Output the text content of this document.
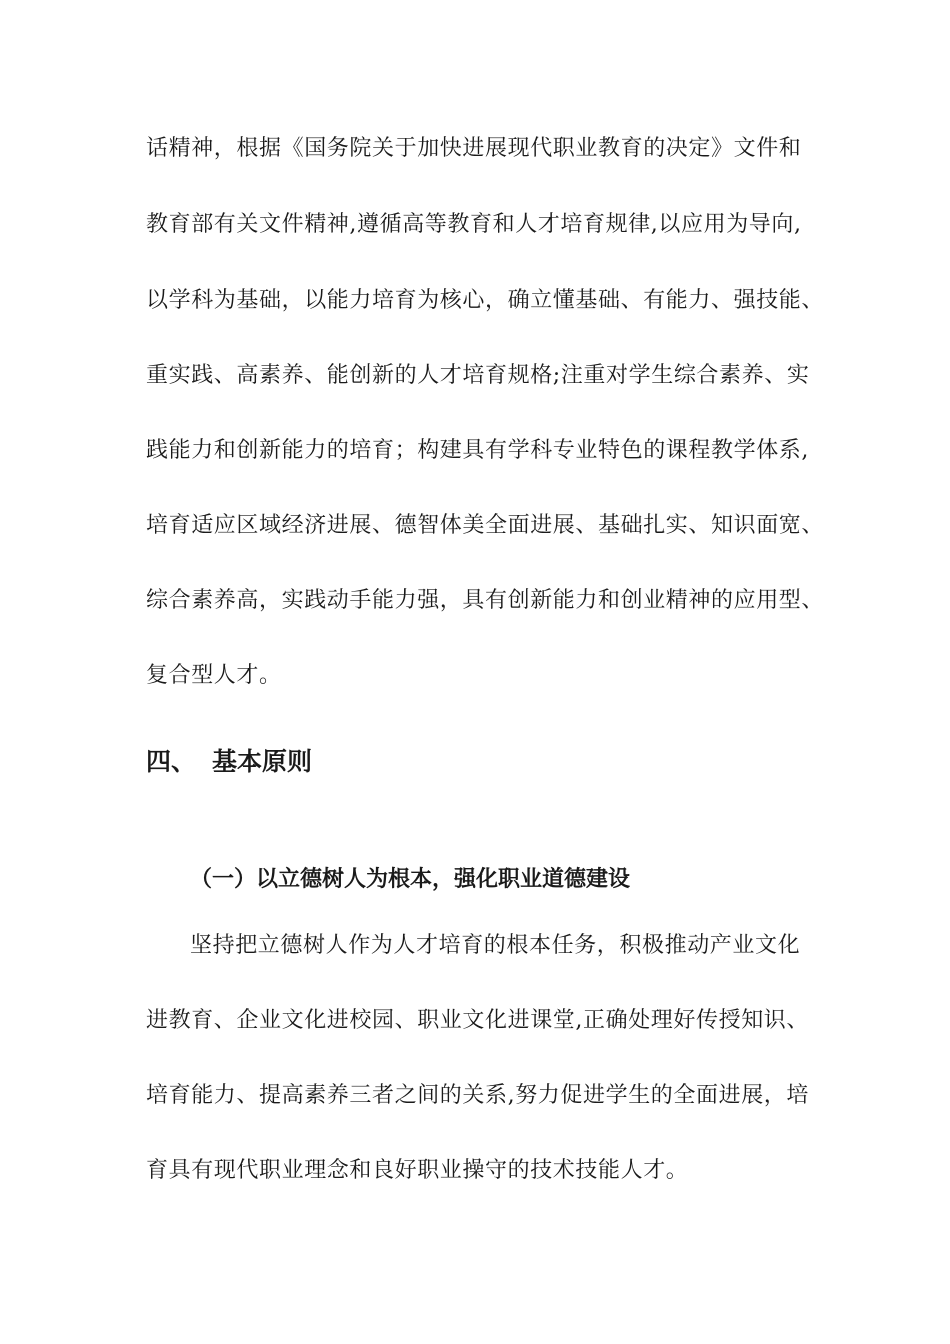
话精神，根据《国务院关于加快进展现代职业教育的决定》文件和
教育部有关文件精神,遵循高等教育和人才培育规律,以应用为导向,
以学科为基础，以能力培育为核心，确立懂基础、有能力、强技能、
重实践、高素养、能创新的人才培育规格;注重对学生综合素养、实
践能力和创新能力的培育；构建具有学科专业特色的课程教学体系,
培育适应区域经济进展、德智体美全面进展、基础扎实、知识面宽、
综合素养高，实践动手能力强，具有创新能力和创业精神的应用型、
复合型人才。
四、 基本原则
（一）以立德树人为根本，强化职业道德建设
坚持把立德树人作为人才培育的根本任务，积极推动产业文化
进教育、企业文化进校园、职业文化进课堂,正确处理好传授知识、
培育能力、提高素养三者之间的关系,努力促进学生的全面进展，培
育具有现代职业理念和良好职业操守的技术技能人才。
